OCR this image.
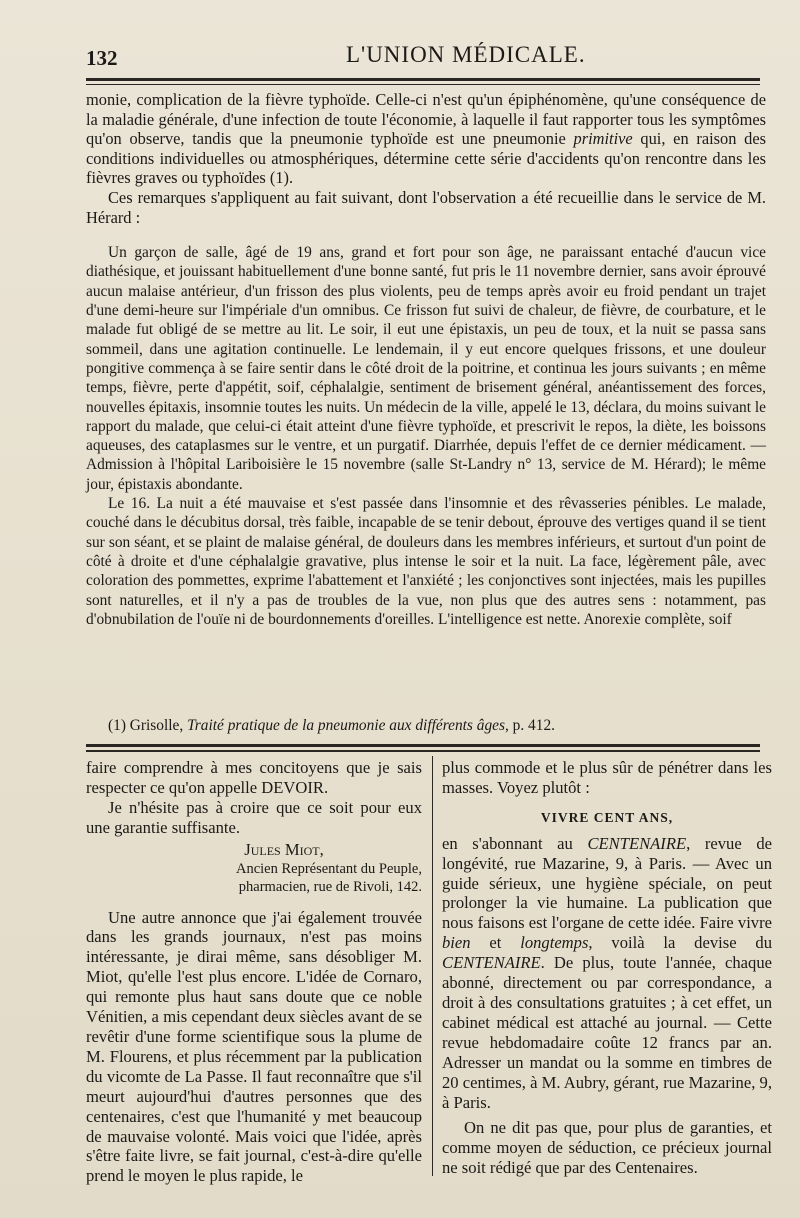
132	L'UNION MÉDICALE.

monie, complication de la fièvre typhoïde. Celle-ci n'est qu'un épiphénomène, qu'une conséquence de la maladie générale, d'une infection de toute l'économie, à laquelle il faut rapporter tous les symptômes qu'on observe, tandis que la pneumonie typhoïde est une pneumonie primitive qui, en raison des conditions individuelles ou atmosphériques, détermine cette série d'accidents qu'on rencontre dans les fièvres graves ou typhoïdes (1).

Ces remarques s'appliquent au fait suivant, dont l'observation a été recueillie dans le service de M. Hérard :

Un garçon de salle, âgé de 19 ans, grand et fort pour son âge, ne paraissant entaché d'aucun vice diathésique, et jouissant habituellement d'une bonne santé, fut pris le 11 novembre dernier, sans avoir éprouvé aucun malaise antérieur, d'un frisson des plus violents, peu de temps après avoir eu froid pendant un trajet d'une demi-heure sur l'impériale d'un omnibus. Ce frisson fut suivi de chaleur, de fièvre, de courbature, et le malade fut obligé de se mettre au lit. Le soir, il eut une épistaxis, un peu de toux, et la nuit se passa sans sommeil, dans une agitation continuelle. Le lendemain, il y eut encore quelques frissons, et une douleur pongitive commença à se faire sentir dans le côté droit de la poitrine, et continua les jours suivants ; en même temps, fièvre, perte d'appétit, soif, céphalalgie, sentiment de brisement général, anéantissement des forces, nouvelles épitaxis, insomnie toutes les nuits. Un médecin de la ville, appelé le 13, déclara, du moins suivant le rapport du malade, que celui-ci était atteint d'une fièvre typhoïde, et prescrivit le repos, la diète, les boissons aqueuses, des cataplasmes sur le ventre, et un purgatif. Diarrhée, depuis l'effet de ce dernier médicament. — Admission à l'hôpital Lariboisière le 15 novembre (salle St-Landry n° 13, service de M. Hérard); le même jour, épistaxis abondante.

Le 16. La nuit a été mauvaise et s'est passée dans l'insomnie et des rêvasseries pénibles. Le malade, couché dans le décubitus dorsal, très faible, incapable de se tenir debout, éprouve des vertiges quand il se tient sur son séant, et se plaint de malaise général, de douleurs dans les membres inférieurs, et surtout d'un point de côté à droite et d'une céphalalgie gravative, plus intense le soir et la nuit. La face, légèrement pâle, avec coloration des pommettes, exprime l'abattement et l'anxiété ; les conjonctives sont injectées, mais les pupilles sont naturelles, et il n'y a pas de troubles de la vue, non plus que des autres sens : notamment, pas d'obnubilation de l'ouïe ni de bourdonnements d'oreilles. L'intelligence est nette. Anorexie complète, soif

(1) Grisolle, Traité pratique de la pneumonie aux différents âges, p. 412.

faire comprendre à mes concitoyens que je sais respecter ce qu'on appelle DEVOIR.

Je n'hésite pas à croire que ce soit pour eux une garantie suffisante.

Jules Miot,

Ancien Représentant du Peuple,

pharmacien, rue de Rivoli, 142.

Une autre annonce que j'ai également trouvée dans les grands journaux, n'est pas moins intéressante, je dirai même, sans désobliger M. Miot, qu'elle l'est plus encore. L'idée de Cornaro, qui remonte plus haut sans doute que ce noble Vénitien, a mis cependant deux siècles avant de se revêtir d'une forme scientifique sous la plume de M. Flourens, et plus récemment par la publication du vicomte de La Passe. Il faut reconnaître que s'il meurt aujourd'hui d'autres personnes que des centenaires, c'est que l'humanité y met beaucoup de mauvaise volonté. Mais voici que l'idée, après s'être faite livre, se fait journal, c'est-à-dire qu'elle prend le moyen le plus rapide, le

plus commode et le plus sûr de pénétrer dans les masses. Voyez plutôt :

VIVRE CENT ANS,

en s'abonnant au CENTENAIRE, revue de longévité, rue Mazarine, 9, à Paris. — Avec un guide sérieux, une hygiène spéciale, on peut prolonger la vie humaine. La publication que nous faisons est l'organe de cette idée. Faire vivre bien et longtemps, voilà la devise du CENTENAIRE. De plus, toute l'année, chaque abonné, directement ou par correspondance, a droit à des consultations gratuites ; à cet effet, un cabinet médical est attaché au journal. — Cette revue hebdomadaire coûte 12 francs par an. Adresser un mandat ou la somme en timbres de 20 centimes, à M. Aubry, gérant, rue Mazarine, 9, à Paris.

On ne dit pas que, pour plus de garanties, et comme moyen de séduction, ce précieux journal ne soit rédigé que par des Centenaires.
